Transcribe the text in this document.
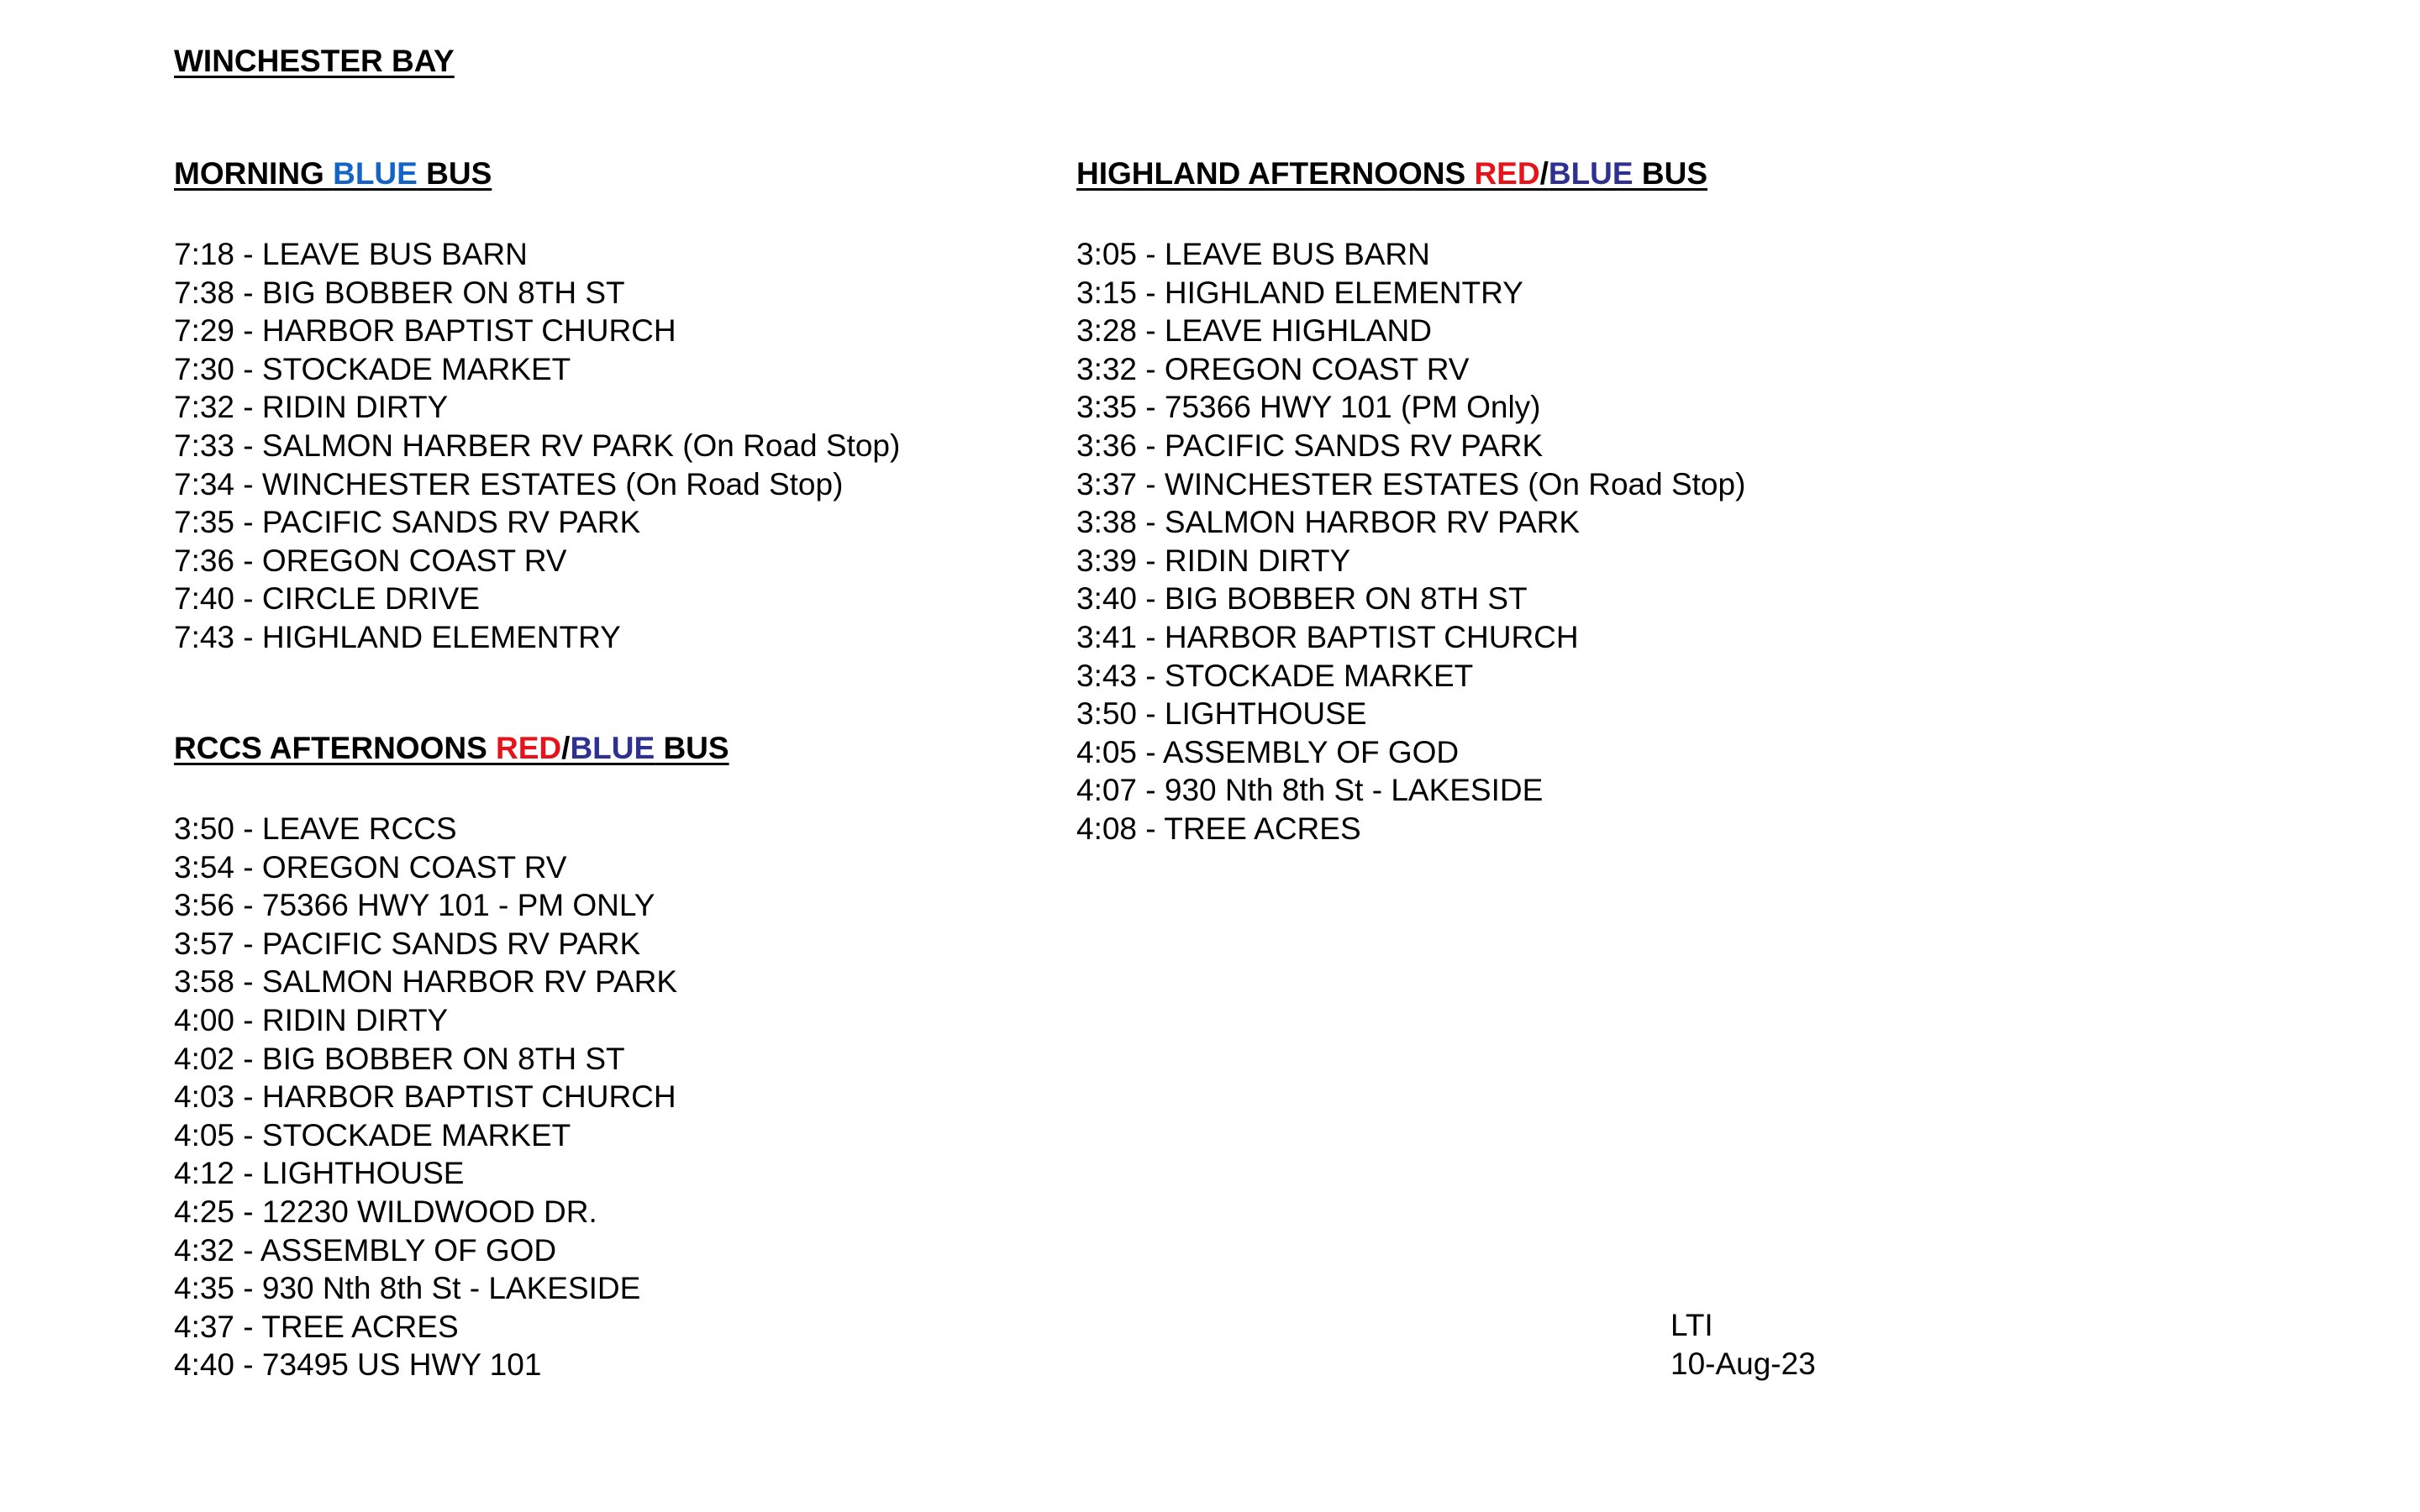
WINCHESTER BAY
MORNING BLUE BUS
7:18 - LEAVE BUS BARN
7:38 - BIG BOBBER ON 8TH ST
7:29 - HARBOR BAPTIST CHURCH
7:30 - STOCKADE MARKET
7:32 - RIDIN DIRTY
7:33 - SALMON HARBER RV PARK (On Road Stop)
7:34 - WINCHESTER ESTATES (On Road Stop)
7:35 - PACIFIC SANDS RV PARK
7:36 - OREGON COAST RV
7:40 - CIRCLE DRIVE
7:43 - HIGHLAND ELEMENTRY
RCCS AFTERNOONS RED/BLUE BUS
3:50 - LEAVE RCCS
3:54 - OREGON COAST RV
3:56 - 75366 HWY 101 - PM ONLY
3:57 - PACIFIC SANDS RV PARK
3:58 - SALMON HARBOR RV PARK
4:00 - RIDIN DIRTY
4:02 - BIG BOBBER ON 8TH ST
4:03 - HARBOR BAPTIST CHURCH
4:05 - STOCKADE MARKET
4:12 - LIGHTHOUSE
4:25 - 12230 WILDWOOD DR.
4:32 - ASSEMBLY OF GOD
4:35 - 930 Nth 8th St - LAKESIDE
4:37 - TREE ACRES
4:40 - 73495 US HWY 101
HIGHLAND AFTERNOONS RED/BLUE BUS
3:05 - LEAVE BUS BARN
3:15 - HIGHLAND ELEMENTRY
3:28 - LEAVE HIGHLAND
3:32 - OREGON COAST RV
3:35 - 75366 HWY 101 (PM Only)
3:36 - PACIFIC SANDS RV PARK
3:37 - WINCHESTER ESTATES (On Road Stop)
3:38 - SALMON HARBOR RV PARK
3:39 - RIDIN DIRTY
3:40 - BIG BOBBER ON 8TH ST
3:41 - HARBOR BAPTIST CHURCH
3:43 - STOCKADE MARKET
3:50 - LIGHTHOUSE
4:05 - ASSEMBLY OF GOD
4:07 - 930 Nth 8th St - LAKESIDE
4:08 - TREE ACRES
LTI
10-Aug-23
